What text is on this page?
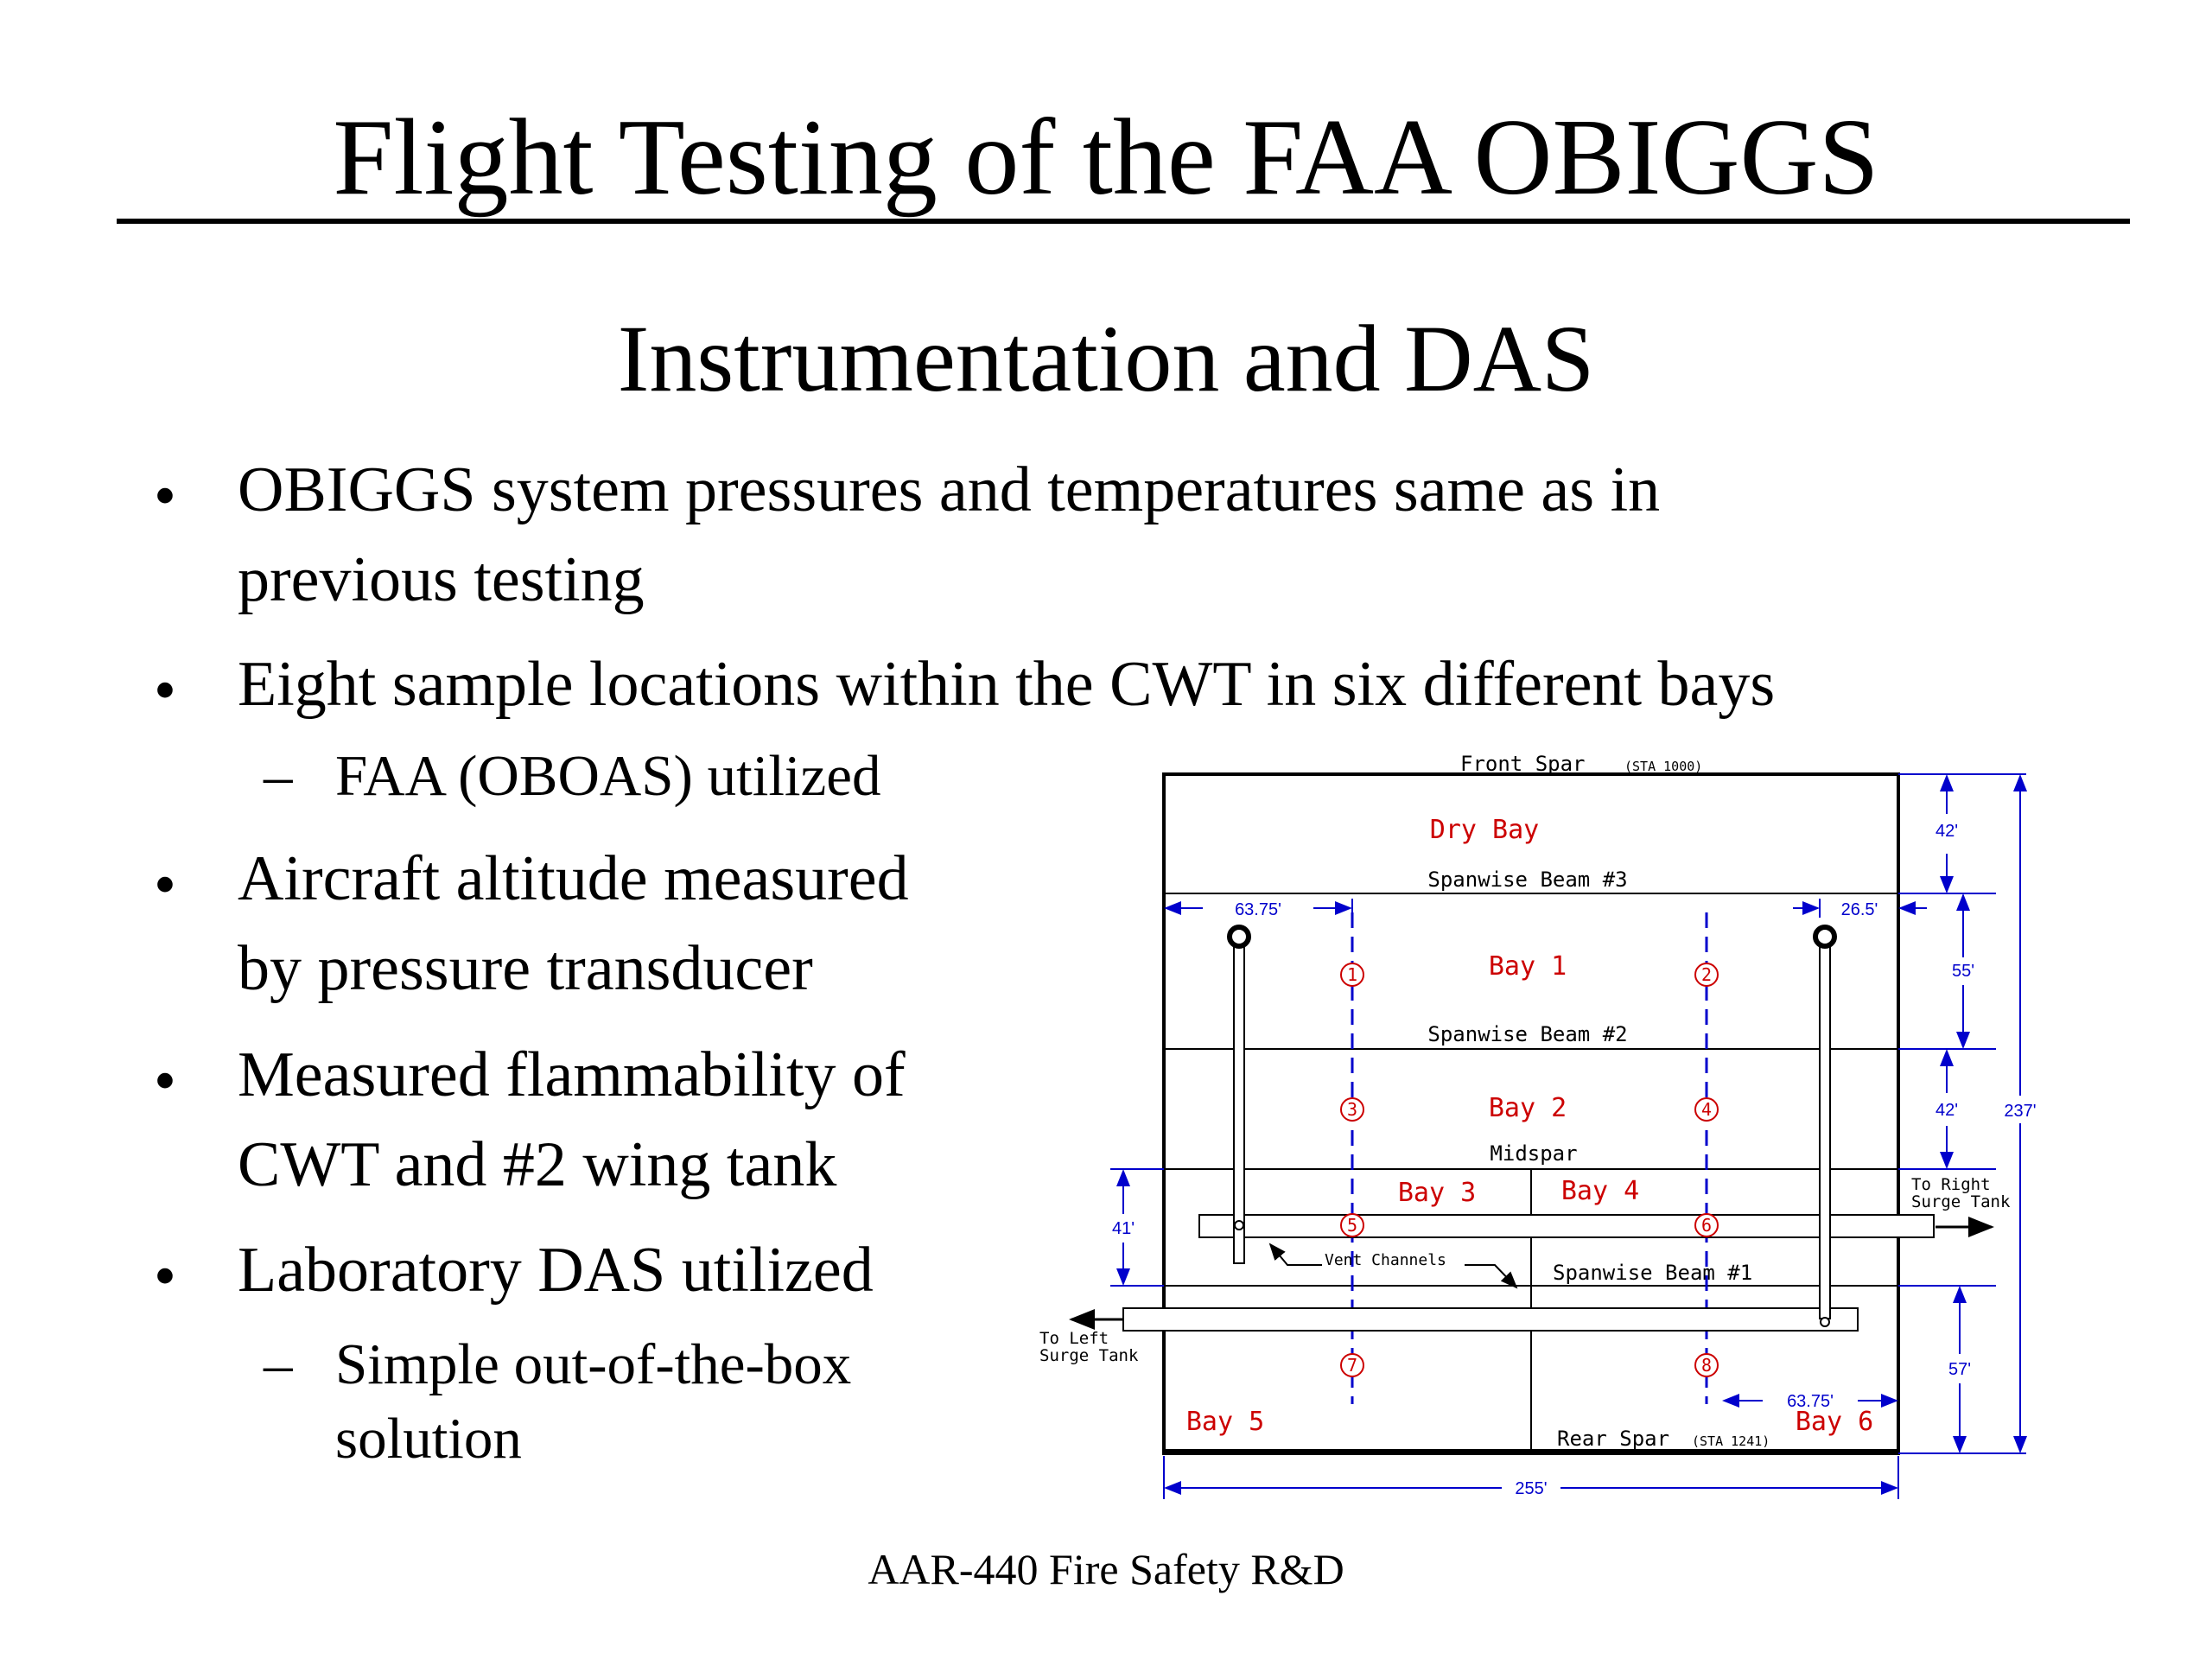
Flight Testing of the FAA OBIGGS
Instrumentation and DAS
• OBIGGS system pressures and temperatures same as in
previous testing
• Eight sample locations within the CWT in six different bays
– FAA (OBOAS) utilized
• Aircraft altitude measured
by pressure transducer
• Measured flammability of
CWT and #2 wing tank
• Laboratory DAS utilized
– Simple out-of-the-box
solution
1	2
3	4
5	6
7	8
Front Spar	(STA 1000)
Spanwise Beam #3
Spanwise Beam #2
Midspar
Spanwise Beam #1
Rear Spar (STA 1241)
Vent Channels
To Right
Surge Tank
To Left
Surge Tank
Dry Bay
Bay 1
Bay 2
Bay 3	Bay 4
Bay 5	Bay 6
42'
55'
42'	237'
41'
57'
63.75'	26.5'
63.75'
255'
AAR-440 Fire Safety R&D
